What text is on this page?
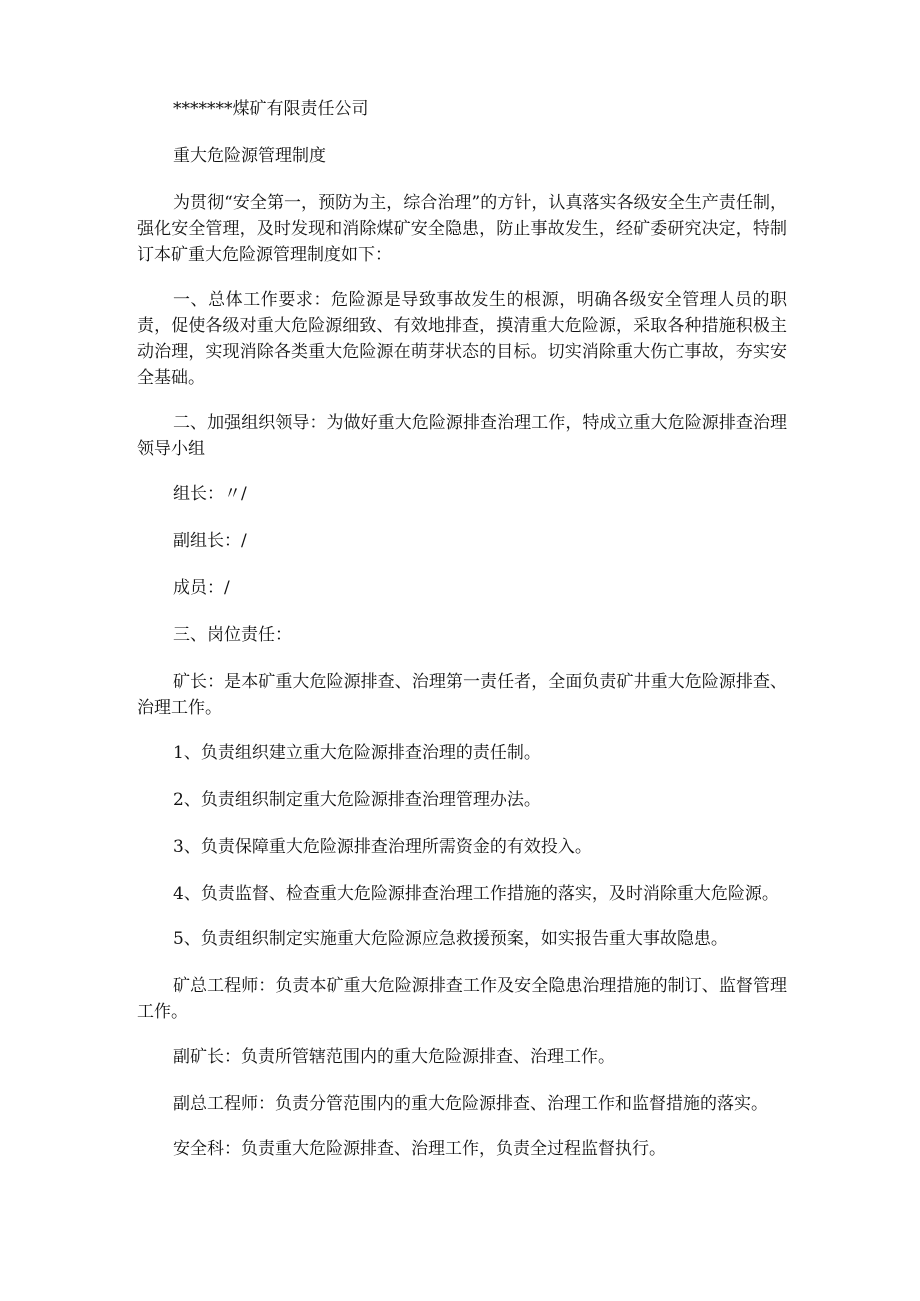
*******煤矿有限责任公司

重大危险源管理制度

为贯彻“安全第一，预防为主，综合治理”的方针，认真落实各级安全生产责任制，强化安全管理，及时发现和消除煤矿安全隐患，防止事故发生，经矿委研究决定，特制订本矿重大危险源管理制度如下：

一、总体工作要求：危险源是导致事故发生的根源，明确各级安全管理人员的职责，促使各级对重大危险源细致、有效地排查，摸清重大危险源，采取各种措施积极主动治理，实现消除各类重大危险源在萌芽状态的目标。切实消除重大伤亡事故，夯实安全基础。

二、加强组织领导：为做好重大危险源排查治理工作，特成立重大危险源排查治理领导小组

组长：〃/

副组长：/

成员：/

三、岗位责任：

矿长：是本矿重大危险源排查、治理第一责任者，全面负责矿井重大危险源排查、治理工作。

1、负责组织建立重大危险源排查治理的责任制。

2、负责组织制定重大危险源排查治理管理办法。

3、负责保障重大危险源排查治理所需资金的有效投入。

4、负责监督、检查重大危险源排查治理工作措施的落实，及时消除重大危险源。

5、负责组织制定实施重大危险源应急救援预案，如实报告重大事故隐患。

矿总工程师：负责本矿重大危险源排查工作及安全隐患治理措施的制订、监督管理工作。

副矿长：负责所管辖范围内的重大危险源排查、治理工作。

副总工程师：负责分管范围内的重大危险源排查、治理工作和监督措施的落实。

安全科：负责重大危险源排查、治理工作，负责全过程监督执行。
